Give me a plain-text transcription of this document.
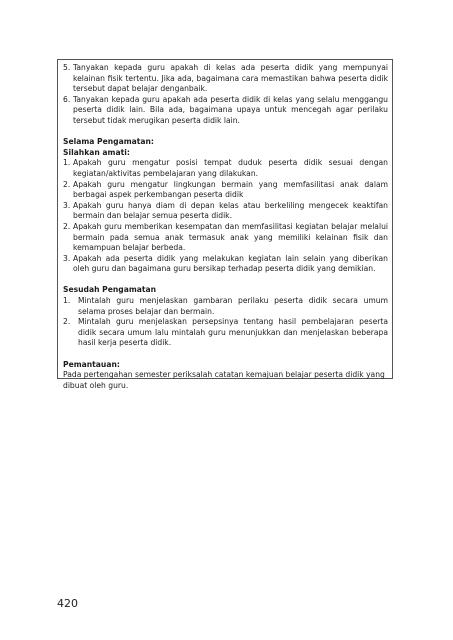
5. Tanyakan kepada guru apakah di kelas ada peserta didik yang mempunyai kelainan fisik tertentu. Jika ada, bagaimana cara memastikan bahwa peserta didik tersebut dapat belajar denganbaik.
6. Tanyakan kepada guru apakah ada peserta didik di kelas yang selalu menggangu peserta didik lain. Bila ada, bagaimana upaya untuk mencegah agar perilaku tersebut tidak merugikan peserta didik lain.
Selama Pengamatan:
Silahkan amati:
1. Apakah guru mengatur posisi tempat duduk peserta didik sesuai dengan kegiatan/aktivitas pembelajaran yang dilakukan.
2. Apakah guru mengatur lingkungan bermain yang memfasilitasi anak dalam berbagai aspek perkembangan peserta didik
3. Apakah guru hanya diam di depan kelas atau berkeliling mengecek keaktifan bermain dan belajar semua peserta didik.
2. Apakah guru memberikan kesempatan dan memfasilitasi kegiatan belajar melalui bermain pada semua anak termasuk anak yang memiliki kelainan fisik dan kemampuan belajar berbeda.
3. Apakah ada peserta didik yang melakukan kegiatan lain selain yang diberikan oleh guru dan bagaimana guru bersikap terhadap peserta didik yang demikian.
Sesudah Pengamatan
1.	Mintalah guru menjelaskan gambaran perilaku peserta didik secara umum selama proses belajar dan bermain.
2.	Mintalah guru menjelaskan persepsinya tentang hasil pembelajaran peserta didik secara umum lalu mintalah guru menunjukkan dan menjelaskan beberapa hasil kerja peserta didik.
Pemantauan:
Pada pertengahan semester periksalah catatan kemajuan belajar peserta didik yang dibuat oleh guru.
420
